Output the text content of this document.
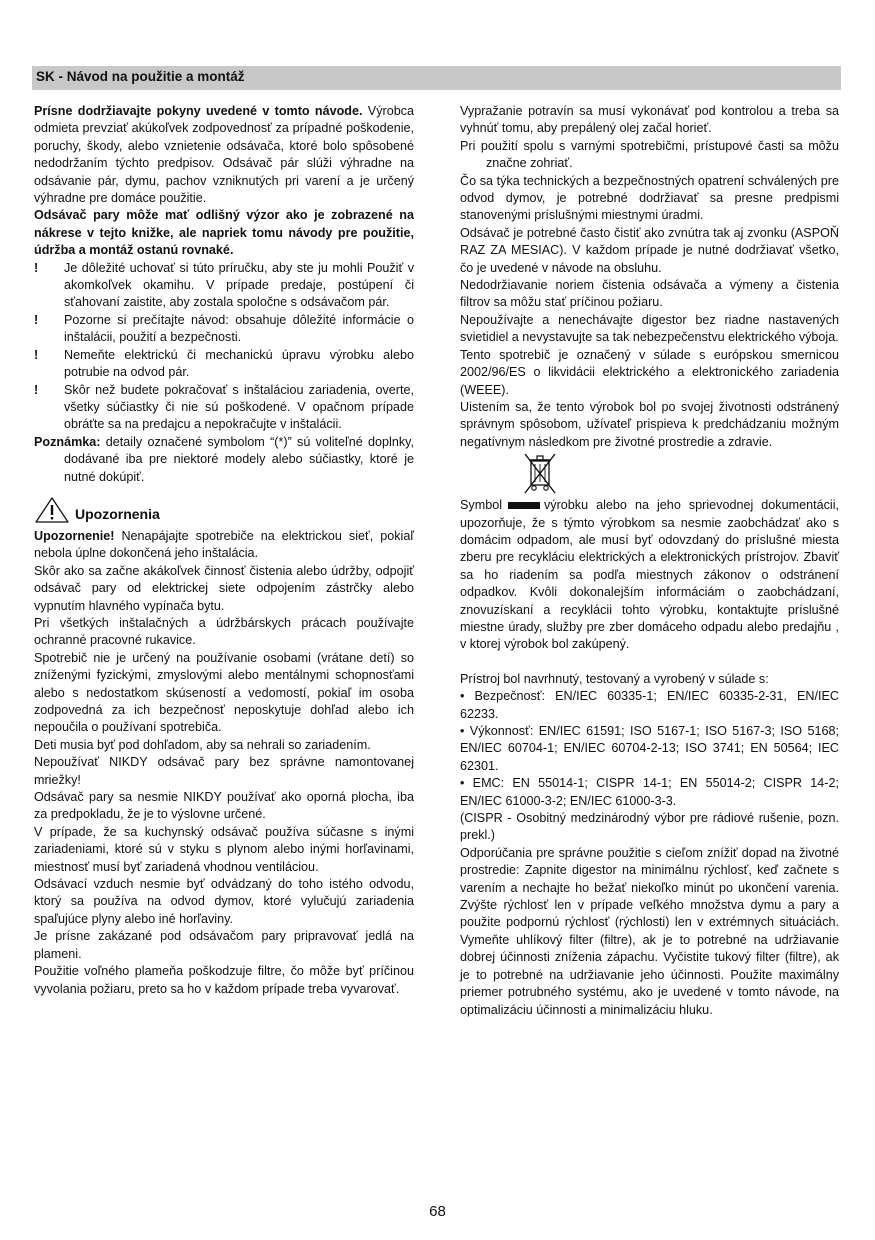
SK - Návod na použitie a montáž

Prísne dodržiavajte pokyny uvedené v tomto návode. Výrobca odmieta prevziať akúkoľvek zodpovednosť za prípadné poškodenie, poruchy, škody, alebo vznietenie odsávača, ktoré bolo spôsobené nedodržaním týchto predpisov. Odsávač pár slúži výhradne na odsávanie pár, dymu, pachov vzniknutých pri varení a je určený výhradne pre domáce použitie.

Odsávač pary môže mať odlišný výzor ako je zobrazené na nákrese v tejto knižke, ale napriek tomu návody pre použitie, údržba a montáž ostanú rovnaké.

! Je dôležité uchovať si túto príručku, aby ste ju mohli Použiť v akomkoľvek okamihu. V prípade predaje, postúpení či sťahovaní zaistite, aby zostala spoločne s odsávačom pár.

! Pozorne si prečítajte návod: obsahuje dôležité informácie o inštalácii, použití a bezpečnosti.

! Nemeňte elektrickú či mechanickú úpravu výrobku alebo potrubie na odvod pár.

! Skôr než budete pokračovať s inštaláciou zariadenia, overte, všetky súčiastky či nie sú poškodené. V opačnom prípade obráťte sa na predajcu a nepokračujte v inštalácii.

Poznámka: detaily označené symbolom “(*)” sú voliteľné doplnky, dodávané iba pre niektoré modely alebo súčiastky, ktoré je nutné dokúpiť.

Upozornenia

Upozornenie! Nenapájajte spotrebiče na elektrickou sieť, pokiaľ nebola úplne dokončená jeho inštalácia.

Skôr ako sa začne akákoľvek činnosť čistenia alebo údržby, odpojiť odsávač pary od elektrickej siete odpojením zástrčky alebo vypnutím hlavného vypínača bytu.

Pri všetkých inštalačných a údržbárskych prácach používajte ochranné pracovné rukavice.

Spotrebič nie je určený na používanie osobami (vrátane detí) so zníženými fyzickými, zmyslovými alebo mentálnymi schopnosťami alebo s nedostatkom skúseností a vedomostí, pokiaľ im osoba zodpovedná za ich bezpečnosť neposkytuje dohľad alebo ich nepoučila o používaní spotrebiča.

Deti musia byť pod dohľadom, aby sa nehrali so zariadením.

Nepoužívať NIKDY odsávač pary bez správne namontovanej mriežky!

Odsávač pary sa nesmie NIKDY používať ako oporná plocha, iba za predpokladu, že je to výslovne určené.

V prípade, že sa kuchynský odsávač používa súčasne s inými zariadeniami, ktoré sú v styku s plynom alebo inými horľavinami, miestnosť musí byť zariadená vhodnou ventiláciou.

Odsávací vzduch nesmie byť odvádzaný do toho istého odvodu, ktorý sa používa na odvod dymov, ktoré vylučujú zariadenia spaľujúce plyny alebo iné horľaviny.

Je prísne zakázané pod odsávačom pary pripravovať jedlá na plameni.

Použitie voľného plameňa poškodzuje filtre, čo môže byť príčinou vyvolania požiaru, preto sa ho v každom prípade treba vyvarovať.

Vypražanie potravín sa musí vykonávať pod kontrolou a treba sa vyhnúť tomu, aby prepálený olej začal horieť.

Pri použití spolu s varnými spotrebičmi, prístupové časti sa môžu značne zohriať.

Čo sa týka technických a bezpečnostných opatrení schválených pre odvod dymov, je potrebné dodržiavať sa presne predpismi stanovenými príslušnými miestnymi úradmi.

Odsávač je potrebné často čistiť ako zvnútra tak aj zvonku (ASPOŇ RAZ ZA MESIAC). V každom prípade je nutné dodržiavať všetko, čo je uvedené v návode na obsluhu.

Nedodržiavanie noriem čistenia odsávača a výmeny a čistenia filtrov sa môžu stať príčinou požiaru.

Nepoužívajte a nenechávajte digestor bez riadne nastavených svietidiel a nevystavujte sa tak nebezpečenstvu elektrického výboja.

Tento spotrebič je označený v súlade s európskou smernicou 2002/96/ES o likvidácii elektrického a elektronického zariadenia (WEEE).

Uistením sa, že tento výrobok bol po svojej životnosti odstránený správnym spôsobom, užívateľ prispieva k predchádzaniu možným negatívnym následkom pre životné prostredie a zdravie.

Symbol	výrobku alebo na jeho sprievodnej dokumentácii, upozorňuje, že s týmto výrobkom sa nesmie zaobchádzať ako s domácim odpadom, ale musí byť odovzdaný do príslušné miesta zberu pre recykláciu elektrických a elektronických prístrojov. Zbaviť sa ho riadením sa podľa miestnych zákonov o odstránení odpadkov. Kvôli dokonalejším informáciám o zaobchádzaní, znovuzískaní a recyklácii tohto výrobku, kontaktujte príslušné miestne úrady, služby pre zber domáceho odpadu alebo predajňu , v ktorej výrobok bol zakúpený.

Prístroj bol navrhnutý, testovaný a vyrobený v súlade s:

• Bezpečnosť: EN/IEC 60335-1; EN/IEC 60335-2-31, EN/IEC 62233.

• Výkonnosť: EN/IEC 61591; ISO 5167-1; ISO 5167-3; ISO 5168; EN/IEC 60704-1; EN/IEC 60704-2-13; ISO 3741; EN 50564; IEC 62301.

• EMC: EN 55014-1; CISPR 14-1; EN 55014-2; CISPR 14-2; EN/IEC 61000-3-2; EN/IEC 61000-3-3.

(CISPR - Osobitný medzinárodný výbor pre rádiové rušenie, pozn. prekl.)

Odporúčania pre správne použitie s cieľom znížiť dopad na životné prostredie: Zapnite digestor na minimálnu rýchlosť, keď začnete s varením a nechajte ho bežať niekoľko minút po ukončení varenia. Zvýšte rýchlosť len v prípade veľkého množstva dymu a pary a použite podpornú rýchlosť (rýchlosti) len v extrémnych situáciách. Vymeňte uhlíkový filter (filtre), ak je to potrebné na udržiavanie dobrej účinnosti zníženia zápachu. Vyčistite tukový filter (filtre), ak je to potrebné na udržiavanie jeho účinnosti. Použite maximálny priemer potrubného systému, ako je uvedené v tomto návode, na optimalizáciu účinnosti a minimalizáciu hluku.

68
